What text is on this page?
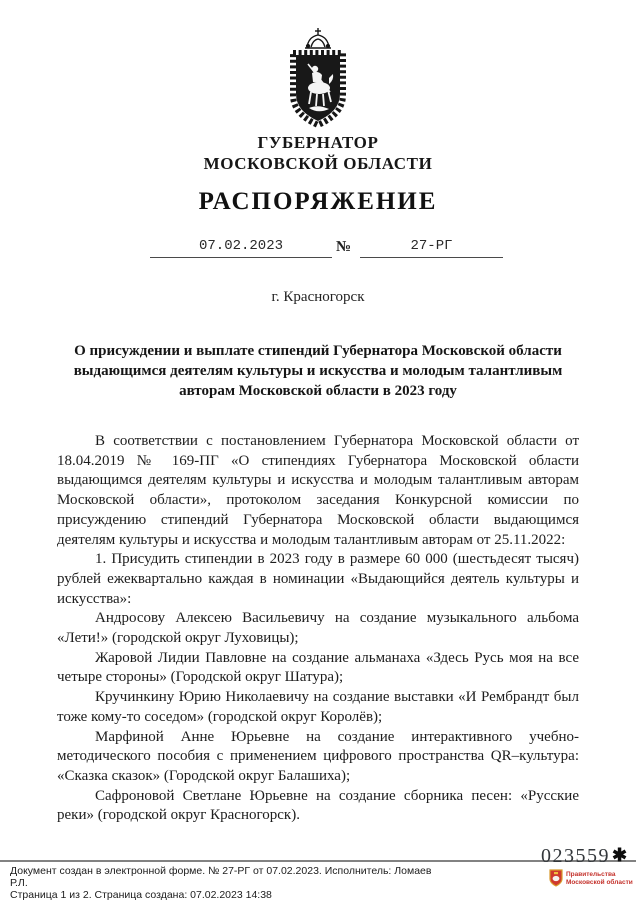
ГУБЕРНАТОР
МОСКОВСКОЙ ОБЛАСТИ
РАСПОРЯЖЕНИЕ
07.02.2023	№	27-РГ
г. Красногорск
О присуждении и выплате стипендий Губернатора Московской области выдающимся деятелям культуры и искусства и молодым талантливым авторам Московской области в 2023 году

В соответствии с постановлением Губернатора Московской области от 18.04.2019 № 169-ПГ «О стипендиях Губернатора Московской области выдающимся деятелям культуры и искусства и молодым талантливым авторам Московской области», протоколом заседания Конкурсной комиссии по присуждению стипендий Губернатора Московской области выдающимся деятелям культуры и искусства и молодым талантливым авторам от 25.11.2022:

1. Присудить стипендии в 2023 году в размере 60 000 (шестьдесят тысяч) рублей ежеквартально каждая в номинации «Выдающийся деятель культуры и искусства»:

Андросову Алексею Васильевичу на создание музыкального альбома «Лети!» (городской округ Луховицы);

Жаровой Лидии Павловне на создание альманаха «Здесь Русь моя на все четыре стороны» (Городской округ Шатура);

Кручинкину Юрию Николаевичу на создание выставки «И Рембрандт был тоже кому-то соседом» (городской округ Королёв);

Марфиной Анне Юрьевне на создание интерактивного учебно-методического пособия с применением цифрового пространства QR–культура: «Сказка сказок» (Городской округ Балашиха);

Сафроновой Светлане Юрьевне на создание сборника песен: «Русские реки» (городской округ Красногорск).

023559 ✱
Документ создан в электронной форме. № 27-РГ от 07.02.2023. Исполнитель: Ломаев Р.Л.
Страница 1 из 2. Страница создана: 07.02.2023 14:38
Правительства
Московской области
